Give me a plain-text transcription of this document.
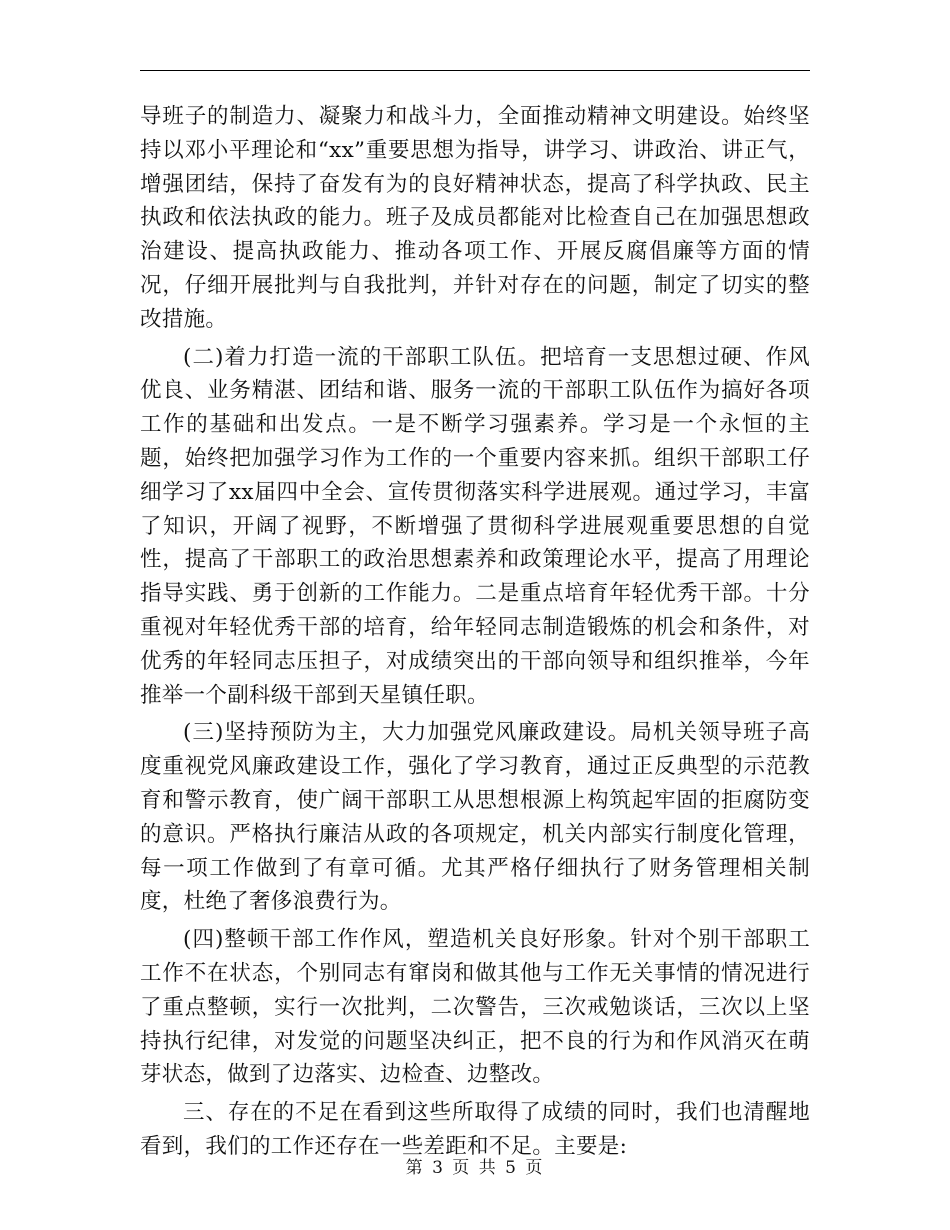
导班子的制造力、凝聚力和战斗力，全面推动精神文明建设。始终坚持以邓小平理论和“xx”重要思想为指导，讲学习、讲政治、讲正气，增强团结，保持了奋发有为的良好精神状态，提高了科学执政、民主执政和依法执政的能力。班子及成员都能对比检查自己在加强思想政治建设、提高执政能力、推动各项工作、开展反腐倡廉等方面的情况，仔细开展批判与自我批判，并针对存在的问题，制定了切实的整改措施。

(二)着力打造一流的干部职工队伍。把培育一支思想过硬、作风优良、业务精湛、团结和谐、服务一流的干部职工队伍作为搞好各项工作的基础和出发点。一是不断学习强素养。学习是一个永恒的主题，始终把加强学习作为工作的一个重要内容来抓。组织干部职工仔细学习了xx届四中全会、宣传贯彻落实科学进展观。通过学习，丰富了知识，开阔了视野，不断增强了贯彻科学进展观重要思想的自觉性，提高了干部职工的政治思想素养和政策理论水平，提高了用理论指导实践、勇于创新的工作能力。二是重点培育年轻优秀干部。十分重视对年轻优秀干部的培育，给年轻同志制造锻炼的机会和条件，对优秀的年轻同志压担子，对成绩突出的干部向领导和组织推举，今年推举一个副科级干部到天星镇任职。

(三)坚持预防为主，大力加强党风廉政建设。局机关领导班子高度重视党风廉政建设工作，强化了学习教育，通过正反典型的示范教育和警示教育，使广阔干部职工从思想根源上构筑起牢固的拒腐防变的意识。严格执行廉洁从政的各项规定，机关内部实行制度化管理，每一项工作做到了有章可循。尤其严格仔细执行了财务管理相关制度，杜绝了奢侈浪费行为。

(四)整顿干部工作作风，塑造机关良好形象。针对个别干部职工工作不在状态，个别同志有窜岗和做其他与工作无关事情的情况进行了重点整顿，实行一次批判，二次警告，三次戒勉谈话，三次以上坚持执行纪律，对发觉的问题坚决纠正，把不良的行为和作风消灭在萌芽状态，做到了边落实、边检查、边整改。

三、存在的不足在看到这些所取得了成绩的同时，我们也清醒地看到，我们的工作还存在一些差距和不足。主要是:

第 3 页 共 5 页
